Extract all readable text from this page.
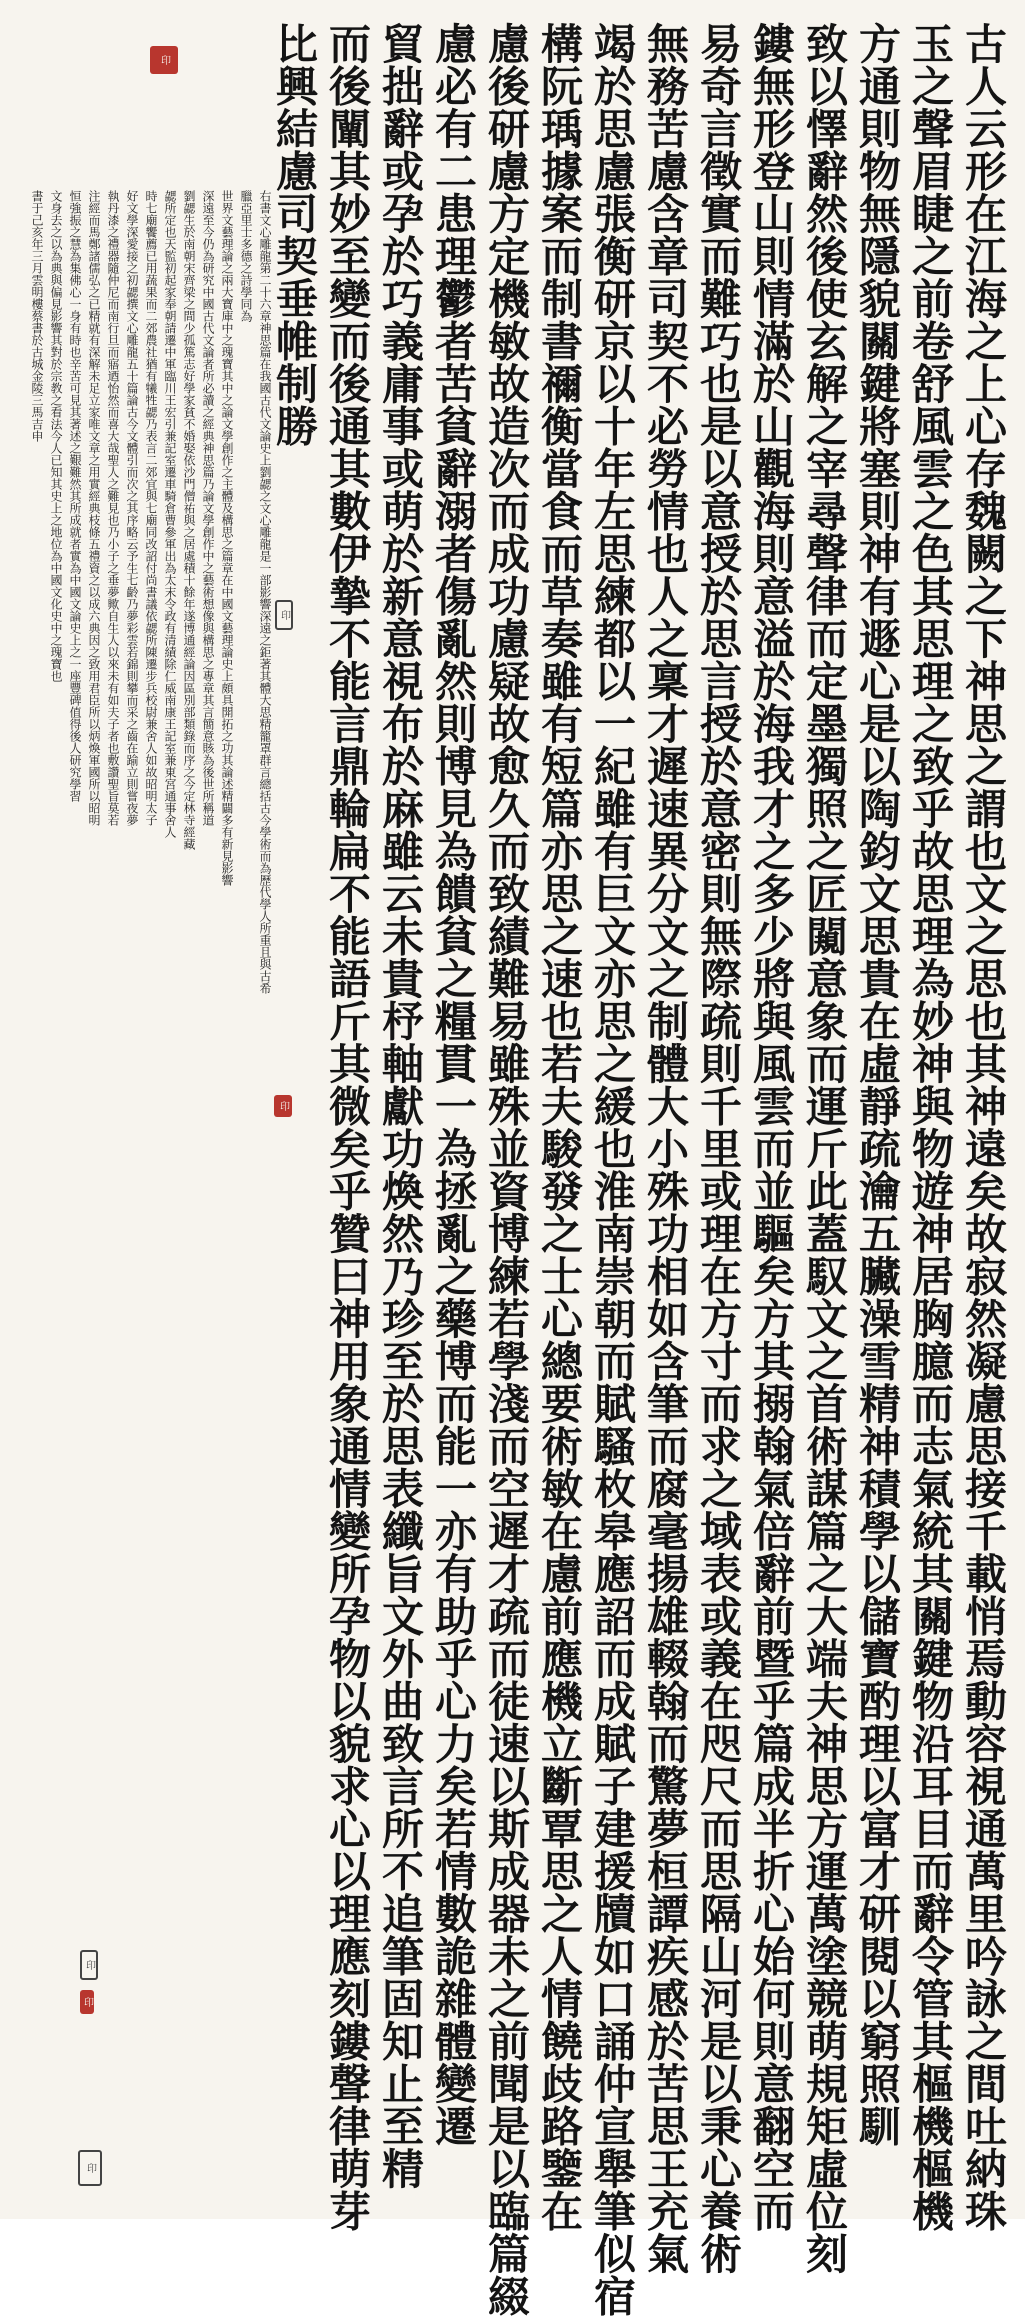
古人云形在江海之上心存魏闕之下神思之謂也文之思也其神遠矣故寂然凝慮思接千載悄焉動容視通萬里吟詠之間吐納珠
玉之聲眉睫之前卷舒風雲之色其思理之致乎故思理為妙神與物遊神居胸臆而志氣統其關鍵物沿耳目而辭令管其樞機樞機
方通則物無隱貌關鍵將塞則神有遯心是以陶鈞文思貴在虛靜疏瀹五臟澡雪精神積學以儲寶酌理以富才研閱以窮照馴
致以懌辭然後使玄解之宰尋聲律而定墨獨照之匠闚意象而運斤此蓋馭文之首術謀篇之大端夫神思方運萬塗競萌規矩虛位刻
鏤無形登山則情滿於山觀海則意溢於海我才之多少將與風雲而並驅矣方其搦翰氣倍辭前暨乎篇成半折心始何則意翻空而
易奇言徵實而難巧也是以意授於思言授於意密則無際疏則千里或理在方寸而求之域表或義在咫尺而思隔山河是以秉心養術
無務苦慮含章司契不必勞情也人之稟才遲速異分文之制體大小殊功相如含筆而腐毫揚雄輟翰而驚夢桓譚疾感於苦思王充氣
竭於思慮張衡研京以十年左思練都以一紀雖有巨文亦思之緩也淮南崇朝而賦騷枚皋應詔而成賦子建援牘如口誦仲宣舉筆似宿
構阮瑀據案而制書禰衡當食而草奏雖有短篇亦思之速也若夫駿發之士心總要術敏在慮前應機立斷覃思之人情饒歧路鑒在
慮後研慮方定機敏故造次而成功慮疑故愈久而致績難易雖殊並資博練若學淺而空遲才疏而徒速以斯成器未之前聞是以臨篇綴
慮必有二患理鬱者苦貧辭溺者傷亂然則博見為饋貧之糧貫一為拯亂之藥博而能一亦有助乎心力矣若情數詭雜體變遷
貿拙辭或孕於巧義庸事或萌於新意視布於麻雖云未貴杼軸獻功煥然乃珍至於思表纖旨文外曲致言所不追筆固知止至精
而後闡其妙至變而後通其數伊摯不能言鼎輪扁不能語斤其微矣乎贊曰神用象通情變所孕物以貌求心以理應刻鏤聲律萌芽
比興結慮司契垂帷制勝
右書文心雕龍第二十六章神思篇在我國古代文論史上劉勰之文心雕龍是一部影響深遠之鉅著其體大思精籠罩群言總括古今學術而為歷代學人所重且與古希
臘亞里士多德之詩學同為
世界文藝理論之兩大寶庫中之瑰寶其中之論文學創作之主體及構思之篇章在中國文藝理論史上頗具開拓之功其論述精闢多有新見影響
深遠至今仍為研究中國古代文論者所必讀之經典神思篇乃論文學創作中之藝術想像與構思之專章其言簡意賅為後世所稱道
劉勰生於南朝宋齊梁之間少孤篤志好學家貧不婚娶依沙門僧祐與之居處積十餘年遂博通經論因區別部類錄而序之今定林寺經藏
勰所定也天監初起家奉朝請遷中軍臨川王宏引兼記室遷車騎倉曹參軍出為太末令政有清績除仁威南康王記室兼東宮通事舍人
時七廟饗薦已用蔬果而二郊農社猶有犧牲勰乃表言二郊宜與七廟同改詔付尚書議依勰所陳遷步兵校尉兼舍人如故昭明太子
好文學深愛接之初勰撰文心雕龍五十篇論古今文體引而次之其序略云予生七齡乃夢彩雲若錦則攀而采之齒在踰立則嘗夜夢
執丹漆之禮器隨仲尼而南行旦而寤迺怡然而喜大哉聖人之難見也乃小子之垂夢歟自生人以來未有如夫子者也敷讚聖旨莫若
注經而馬鄭諸儒弘之已精就有深解未足立家唯文章之用實經典枝條五禮資之以成六典因之致用君臣所以炳煥軍國所以昭明
恒強振之慧為集佛心一身有時也辛苦可見其著述之艱難然其所成就者實為中國文論史上之一座豐碑值得後人研究學習
文身去之以為典與偏見影響其對於宗教之看法今人已知其史上之地位為中國文化史中之瑰寶也
書于己亥年三月雲明樓蔡書於古城金陵三馬吉申
印
印
印
印
印
印
